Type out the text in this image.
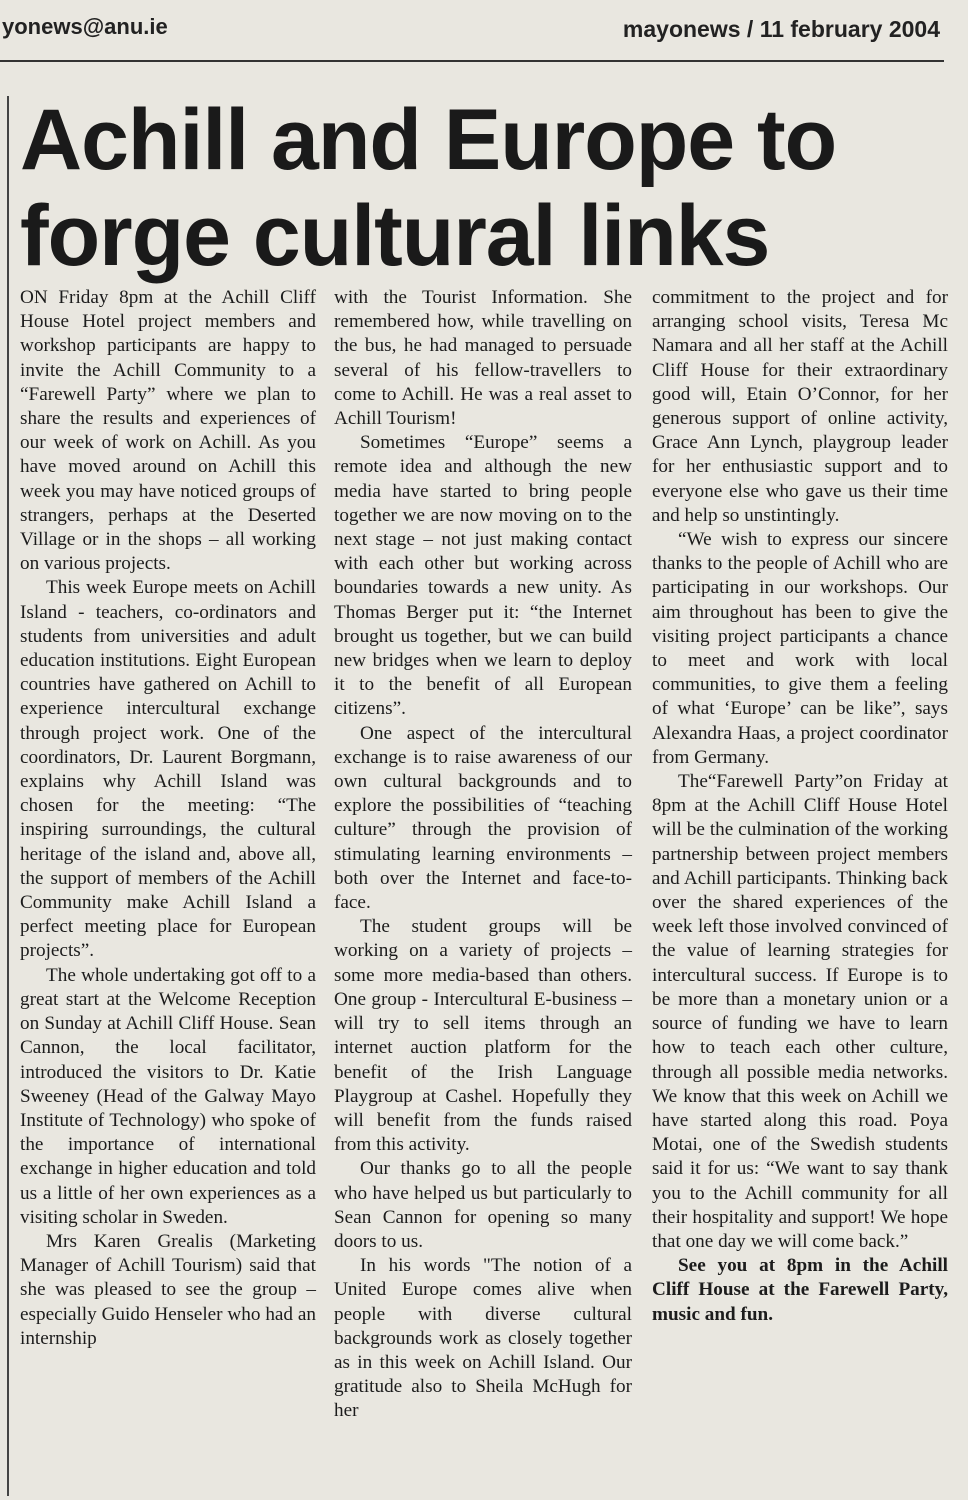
yonews@anu.ie	mayonews / 11 february 2004
Achill and Europe to forge cultural links

ON Friday 8pm at the Achill Cliff House Hotel project members and workshop participants are happy to invite the Achill Community to a “Farewell Party” where we plan to share the results and experiences of our week of work on Achill. As you have moved around on Achill this week you may have noticed groups of strangers, perhaps at the Deserted Village or in the shops – all working on various projects.

This week Europe meets on Achill Island - teachers, co-ordinators and students from universities and adult education institutions. Eight European countries have gathered on Achill to experience intercultural exchange through project work. One of the coordinators, Dr. Laurent Borgmann, explains why Achill Island was chosen for the meeting: “The inspiring surroundings, the cultural heritage of the island and, above all, the support of members of the Achill Community make Achill Island a perfect meeting place for European projects”.

The whole undertaking got off to a great start at the Welcome Reception on Sunday at Achill Cliff House. Sean Cannon, the local facilitator, introduced the visitors to Dr. Katie Sweeney (Head of the Galway Mayo Institute of Technology) who spoke of the importance of international exchange in higher education and told us a little of her own experiences as a visiting scholar in Sweden.

Mrs Karen Grealis (Marketing Manager of Achill Tourism) said that she was pleased to see the group – especially Guido Henseler who had an internship

with the Tourist Information. She remembered how, while travelling on the bus, he had managed to persuade several of his fellow-travellers to come to Achill. He was a real asset to Achill Tourism!

Sometimes “Europe” seems a remote idea and although the new media have started to bring people together we are now moving on to the next stage – not just making contact with each other but working across boundaries towards a new unity. As Thomas Berger put it: “the Internet brought us together, but we can build new bridges when we learn to deploy it to the benefit of all European citizens”.

One aspect of the intercultural exchange is to raise awareness of our own cultural backgrounds and to explore the possibilities of “teaching culture” through the provision of stimulating learning environments – both over the Internet and face-to-face.

The student groups will be working on a variety of projects – some more media-based than others. One group - Intercultural E-business – will try to sell items through an internet auction platform for the benefit of the Irish Language Playgroup at Cashel. Hopefully they will benefit from the funds raised from this activity.

Our thanks go to all the people who have helped us but particularly to Sean Cannon for opening so many doors to us.

In his words "The notion of a United Europe comes alive when people with diverse cultural backgrounds work as closely together as in this week on Achill Island. Our gratitude also to Sheila McHugh for her

commitment to the project and for arranging school visits, Teresa Mc Namara and all her staff at the Achill Cliff House for their extraordinary good will, Etain O’Connor, for her generous support of online activity, Grace Ann Lynch, playgroup leader for her enthusiastic support and to everyone else who gave us their time and help so unstintingly.

“We wish to express our sincere thanks to the people of Achill who are participating in our workshops. Our aim throughout has been to give the visiting project participants a chance to meet and work with local communities, to give them a feeling of what ‘Europe’ can be like”, says Alexandra Haas, a project coordinator from Germany.

The“Farewell Party”on Friday at 8pm at the Achill Cliff House Hotel will be the culmination of the working partnership between project members and Achill participants. Thinking back over the shared experiences of the week left those involved convinced of the value of learning strategies for intercultural success. If Europe is to be more than a monetary union or a source of funding we have to learn how to teach each other culture, through all possible media networks. We know that this week on Achill we have started along this road. Poya Motai, one of the Swedish students said it for us: “We want to say thank you to the Achill community for all their hospitality and support! We hope that one day we will come back.”

See you at 8pm in the Achill Cliff House at the Farewell Party, music and fun.
